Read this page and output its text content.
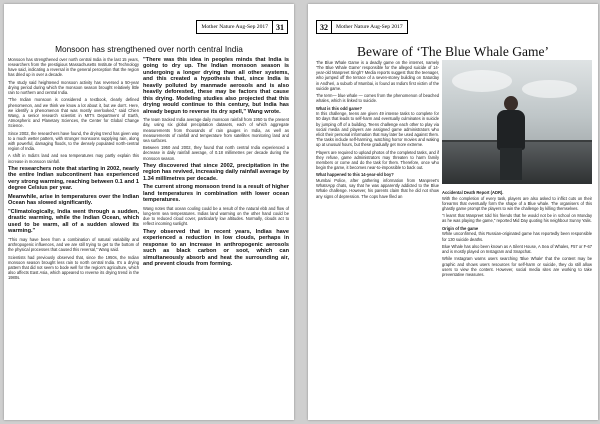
Mother Nature Aug-Sep 2017	31
Monsoon has strengthened over north central India

Monsoon has strengthened over north central India in the last 15 years, researchers from the prestigious Massachusetts Institute of Technology have said, indicating a reversal in the general perception that the region has dried up in over a decade.

The study said heightened monsoon activity has reversed a 50-year drying period during which the monsoon season brought relatively little rain to northern and central India.

"The Indian monsoon is considered a textbook, clearly defined phenomenon, and we think we know a lot about it, but we don't. Here, we identify a phenomenon that was mostly overlooked," said Chien Wang, a senior research scientist in MIT's Department of Earth, Atmospheric and Planetary Sciences, the Center for Global Change Science.

Since 2002, the researchers have found, the drying trend has given way to a much wetter pattern, with stronger monsoons supplying rain, along with powerful, damaging floods, to the densely populated north-central region of India.

A shift in India's land and sea temperatures may partly explain this increase in monsoon rainfall.

The researchers note that starting in 2002, nearly the entire Indian subcontinent has experienced very strong warming, reaching between 0.1 and 1 degree Celsius per year.

Meanwhile, arise in temperatures over the Indian Ocean has slowed significantly.

"Climatologically, India went through a sudden, drastic warming, while the Indian Ocean, which used to be warm, all of a sudden slowed its warming."

"This may have been from a combination of natural variability and anthropogenic influences, and we are still trying to get to the bottom of the physical processes that caused this reversal," Wang said.

Scientists had previously observed that, since the 1950s, the Indian monsoon season brought less rain to north central India. It's a drying pattern that did not seem to bode well for the region's agriculture, which also affects East Asia, which appeared to reverse its drying trend in the 1980s.

"There was this idea in peoples minds that India is going to dry up. The Indian monsoon season is undergoing a longer drying than all other systems, and this created a hypothesis that, since India is heavily polluted by manmade aerosols and is also heavily deforested, these may be factors that cause this drying. Modeling studies also projected that this drying would continue to this century, but India has already begun to reverse its dry spell," Wang wrote.

The team tracked India average daily monsoon rainfall from 1950 to the present day, using six global precipitation datasets, each of which aggregate measurements from thousands of rain gauges in India, as well as measurements of rainfall and temperature from satellites monitoring land and sea surfaces.

Between 1950 and 2002, they found that north central India experienced a decrease in daily rainfall average, of 0.18 millimetres per decade during the monsoon season.

They discovered that since 2002, precipitation in the region has revived, increasing daily rainfall average by 1.34 millimetres per decade.

The current strong monsoon trend is a result of higher land temperatures in combination with lower ocean temperatures.

Wang notes that ocean cooling could be a result of the natural ebb and flow of long-term sea temperatures. Indias land warming on the other hand could be due to reduced cloud cover, particularly low altitudes. Normally, clouds act to reflect incoming sunlight.

They observed that in recent years, Indias have experienced a reduction in low clouds, perhaps in response to an increase in anthropogenic aerosols such as black carbon or soot, which can simultaneously absorb and heat the surrounding air, and prevent clouds from forming.

Mother Nature Aug-Sep 2017
32
Beware of ‘The Blue Whale Game’

The Blue Whale Game is a deadly game on the internet, namely 'The Blue Whale Game' responsible for the alleged suicide of 14-year-old Manpreet Singh? Media reports suggest that the teenager, who jumped off the terrace of a seven-storey building on Saturday in Andheri, a suburb of Mumbai, is found as India's first victim of the suicide game.

The term— blue whale — comes from the phenomenon of beached whales, which is linked to suicide.

What is this odd game?

In this challenge, teens are given 49 intense tasks to complete for 50 days that leads to self-harm and eventually culminates in suicide by jumping off of a building. Teens challenge each other to play via social media and players are assigned game administrators who elicit their personal information that may later be used against them. The tasks include self-harming, watching horror movies and waking up at unusual hours, but these gradually get more extreme.

Players are required to upload photos of the completed tasks, and if they refuse, game administrators may threaten to harm family members or come and do the task for them. Therefore, once who begin the game, it becomes near-to-impossible to back out.

What happened to this 14-year-old boy?

Mumbai Police, after gathering information from Manpreet's WhatsApp chats, say that he was apparently addicted to the Blue Whale challenge. However, his parents claim that he did not show any signs of depression. The cops have filed an

Accidental Death Report (ADR).

With the completion of every task, players are also asked to inflict cuts on their forearms that eventually form the shape of a Blue whale. The organisers of this ghastly game prompt the players to win the challenge by killing themselves.

"I learnt that Manpreet told his friends that he would not be in school on Monday as he was playing the game," reported Mid Day quoting his neighbour Sunny Yalis.

Origin of the game

While unconfirmed, this Russian-originated game has reportedly been responsible for 130 suicide deaths.

Blue Whale has also been known as A Silent House, A Sea of Whales, F57 or F-67 and is mostly played on Instagram and Snapchat.

While Instagram warns users searching 'Blue Whale' that the content may be graphic and shows users resources for self-harm or suicide, they do still allow users to view the content. However, social media sites are working to take preventative measures.
